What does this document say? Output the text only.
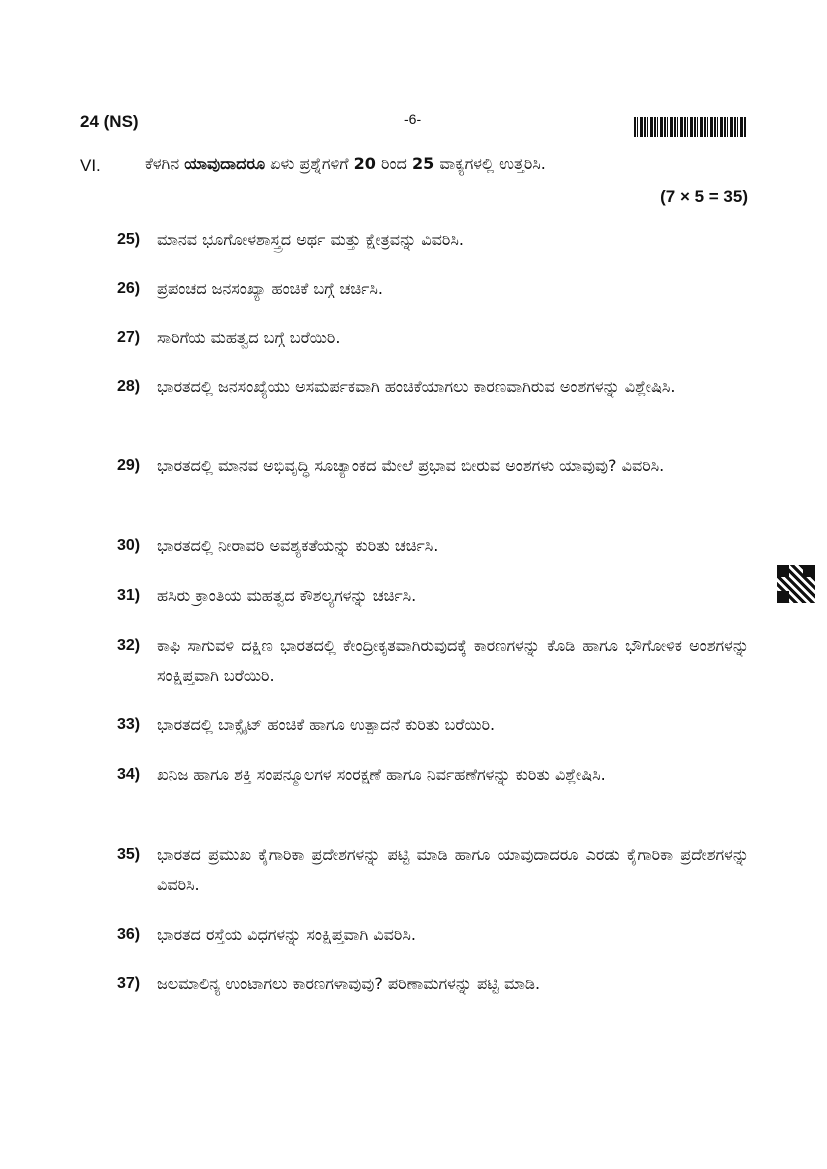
24 (NS)	-6-
VI.	ಕೆಳಗಿನ ಯಾವುದಾದರೂ ಏಳು ಪ್ರಶ್ನೆಗಳಿಗೆ 20 ರಿಂದ 25 ವಾಕ್ಯಗಳಲ್ಲಿ ಉತ್ತರಿಸಿ.
(7 × 5 = 35)
25) ಮಾನವ ಭೂಗೋಳಶಾಸ್ತ್ರದ ಅರ್ಥ ಮತ್ತು ಕ್ಷೇತ್ರವನ್ನು ವಿವರಿಸಿ.
26) ಪ್ರಪಂಚದ ಜನಸಂಖ್ಯಾ ಹಂಚಿಕೆ ಬಗ್ಗೆ ಚರ್ಚಿಸಿ.
27) ಸಾರಿಗೆಯ ಮಹತ್ವದ ಬಗ್ಗೆ ಬರೆಯಿರಿ.
28) ಭಾರತದಲ್ಲಿ ಜನಸಂಖ್ಯೆಯು ಅಸಮರ್ಪಕವಾಗಿ ಹಂಚಿಕೆಯಾಗಲು ಕಾರಣವಾಗಿರುವ ಅಂಶಗಳನ್ನು ವಿಶ್ಲೇಷಿಸಿ.
29) ಭಾರತದಲ್ಲಿ ಮಾನವ ಅಭಿವೃದ್ಧಿ ಸೂಚ್ಯಾಂಕದ ಮೇಲೆ ಪ್ರಭಾವ ಬೀರುವ ಅಂಶಗಳು ಯಾವುವು? ವಿವರಿಸಿ.
30) ಭಾರತದಲ್ಲಿ ನೀರಾವರಿ ಅವಶ್ಯಕತೆಯನ್ನು ಕುರಿತು ಚರ್ಚಿಸಿ.
31) ಹಸಿರು ಕ್ರಾಂತಿಯ ಮಹತ್ವದ ಕೌಶಲ್ಯಗಳನ್ನು ಚರ್ಚಿಸಿ.
32) ಕಾಫಿ ಸಾಗುವಳಿ ದಕ್ಷಿಣ ಭಾರತದಲ್ಲಿ ಕೇಂದ್ರೀಕೃತವಾಗಿರುವುದಕ್ಕೆ ಕಾರಣಗಳನ್ನು ಕೊಡಿ ಹಾಗೂ ಭೌಗೋಳಿಕ ಅಂಶಗಳನ್ನು ಸಂಕ್ಷಿಪ್ತವಾಗಿ ಬರೆಯಿರಿ.
33) ಭಾರತದಲ್ಲಿ ಬಾಕ್ಸೈಟ್ ಹಂಚಿಕೆ ಹಾಗೂ ಉತ್ಪಾದನೆ ಕುರಿತು ಬರೆಯಿರಿ.
34) ಖನಿಜ ಹಾಗೂ ಶಕ್ತಿ ಸಂಪನ್ಮೂಲಗಳ ಸಂರಕ್ಷಣೆ ಹಾಗೂ ನಿರ್ವಹಣೆಗಳನ್ನು ಕುರಿತು ವಿಶ್ಲೇಷಿಸಿ.
35) ಭಾರತದ ಪ್ರಮುಖ ಕೈಗಾರಿಕಾ ಪ್ರದೇಶಗಳನ್ನು ಪಟ್ಟಿ ಮಾಡಿ ಹಾಗೂ ಯಾವುದಾದರೂ ಎರಡು ಕೈಗಾರಿಕಾ ಪ್ರದೇಶಗಳನ್ನು ವಿವರಿಸಿ.
36) ಭಾರತದ ರಸ್ತೆಯ ವಿಧಗಳನ್ನು ಸಂಕ್ಷಿಪ್ತವಾಗಿ ವಿವರಿಸಿ.
37) ಜಲಮಾಲಿನ್ಯ ಉಂಟಾಗಲು ಕಾರಣಗಳಾವುವು? ಪರಿಣಾಮಗಳನ್ನು ಪಟ್ಟಿ ಮಾಡಿ.
